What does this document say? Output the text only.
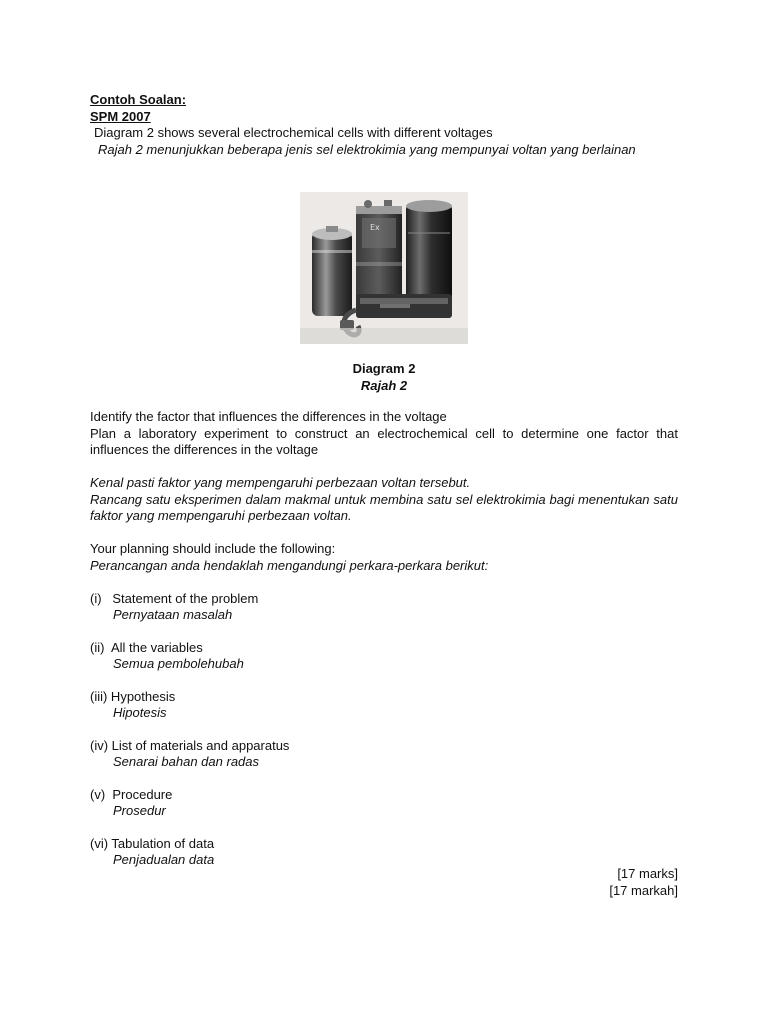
Contoh Soalan:
SPM 2007
Diagram 2 shows several electrochemical cells with different voltages
Rajah 2 menunjukkan beberapa jenis sel elektrokimia yang mempunyai voltan yang berlainan
Ex
Diagram 2
Rajah 2
Identify the factor that influences the differences in the voltage
Plan a laboratory experiment to construct an electrochemical cell to determine one factor that influences the differences in the voltage
Kenal pasti faktor yang mempengaruhi perbezaan voltan tersebut.
Rancang satu eksperimen dalam makmal untuk membina satu sel elektrokimia bagi menentukan satu faktor yang mempengaruhi perbezaan voltan.
Your planning should include the following:
Perancangan anda hendaklah mengandungi perkara-perkara berikut:
(i)   Statement of the problem
Pernyataan masalah
(ii)  All the variables
Semua pembolehubah
(iii) Hypothesis
Hipotesis
(iv) List of materials and apparatus
Senarai bahan dan radas
(v)  Procedure
Prosedur
(vi) Tabulation of data
Penjadualan data
[17 marks]
[17 markah]
